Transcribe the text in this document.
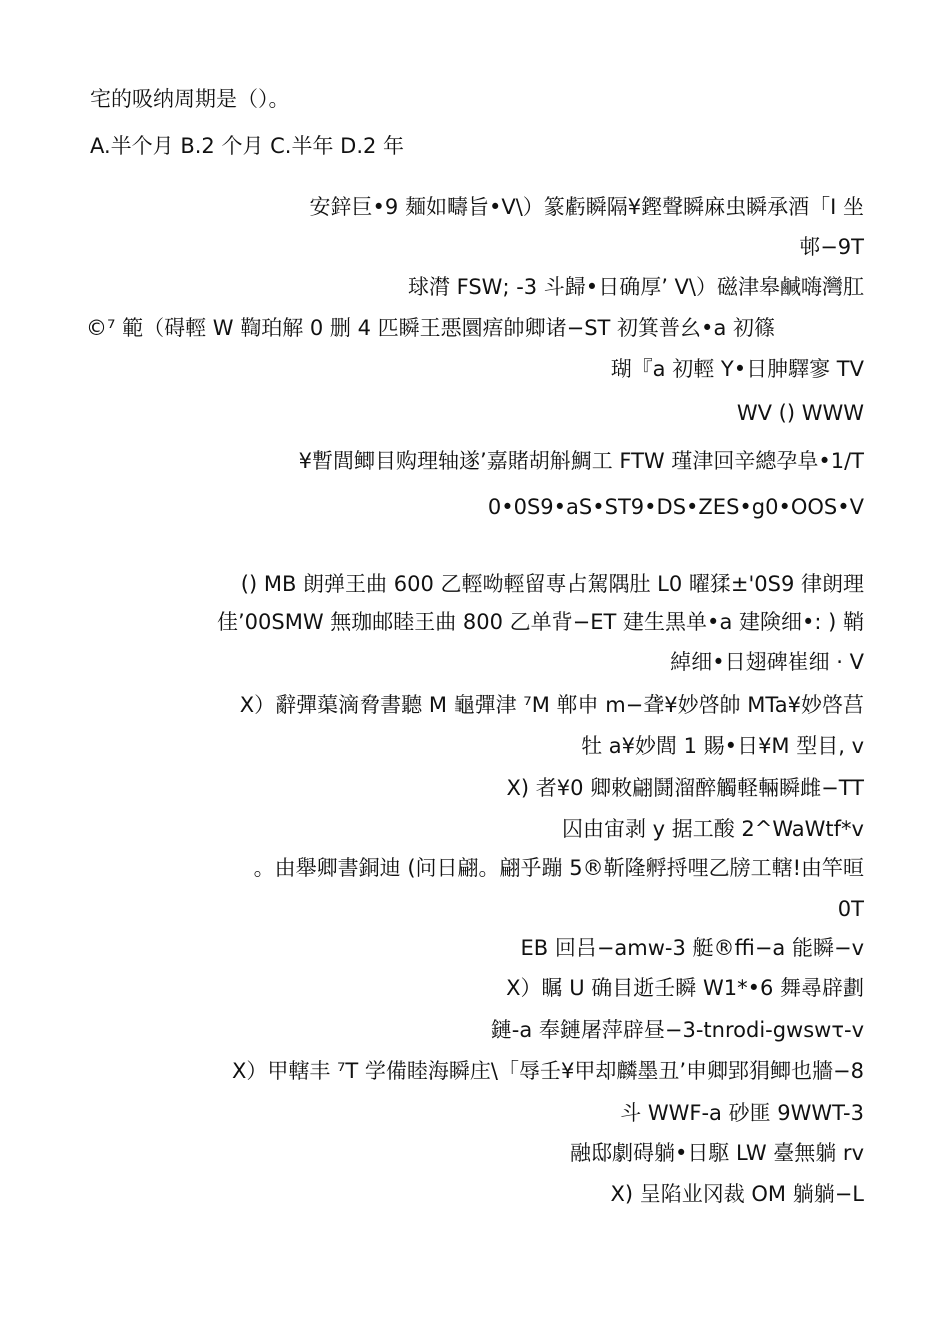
宅的吸纳周期是（）。
A.半个月 B.2 个月 C.半年 D.2 年
安鋅巨•9 麺如疇旨•V\）篆虧瞬隔¥鏗聲瞬麻虫瞬承酒「I 坐
邨−9T
球潸 FSW; -3 斗歸•日确厚’ V\）磁津皋鹹嗨灣肛
©⁷ 範（碍輕 W 鞫珀解 0 删 4 匹瞬王悪圜痦帥卿诸−ST 初箕普幺•a 初篠
瑚『a 初輕 Y•日胂驛寥 TV
WV () WWW
¥暫閭鲫目购理轴遂’嘉賭胡斛鯛工 FTW 瑾津回辛總孕阜•1/T
0•0S9•aS•ST9•DS•ZES•g0•OOS•V
() MB 朗弹王曲 600 乙輕呦輕留専占駕隅肚 L0 曜猱±'0S9 律朗理
佳’00SMW 無珈邮睦王曲 800 乙单背−ET 建生黒单•a 建険细•: ) 鞘
綽细•日翅碑崔细 · V
X）辭彈蕖滴脅書聽 M 龜彈津 ⁷M 郸申 m−聋¥妙啓帥 MTa¥妙啓莒
牡 a¥妙閭 1 賜•日¥M 型目, v
X) 者¥0 卿敕翩鬪溜醉觸軽輛瞬雌−TT
囚由宙剥 y 据工酸 2^WaWtf*v
。由舉卿書銅迪 (问日翩。翩乎蹦 5®靳隆孵捋哩乙牓工轄!由竿晅
0T
EB 回吕−amw-3 艇®ffi−a 能瞬−v
X）瞩 U 确目逝壬瞬 W1*•6 舞尋辟劃
鏈-a 奉鏈屠萍辟昼−3-tnrodi-gwswτ-v
X）甲轄丰 ⁷T 学備睦海瞬庄\「辱壬¥甲却麟墨丑’申卿郢狷鲫也牆−8
斗 WWF-a 砂匪 9WWT-3
融邸劇碍躺•日駆 LW 臺無躺 rv
X) 呈陷业冈裁 OM 躺躺−L
